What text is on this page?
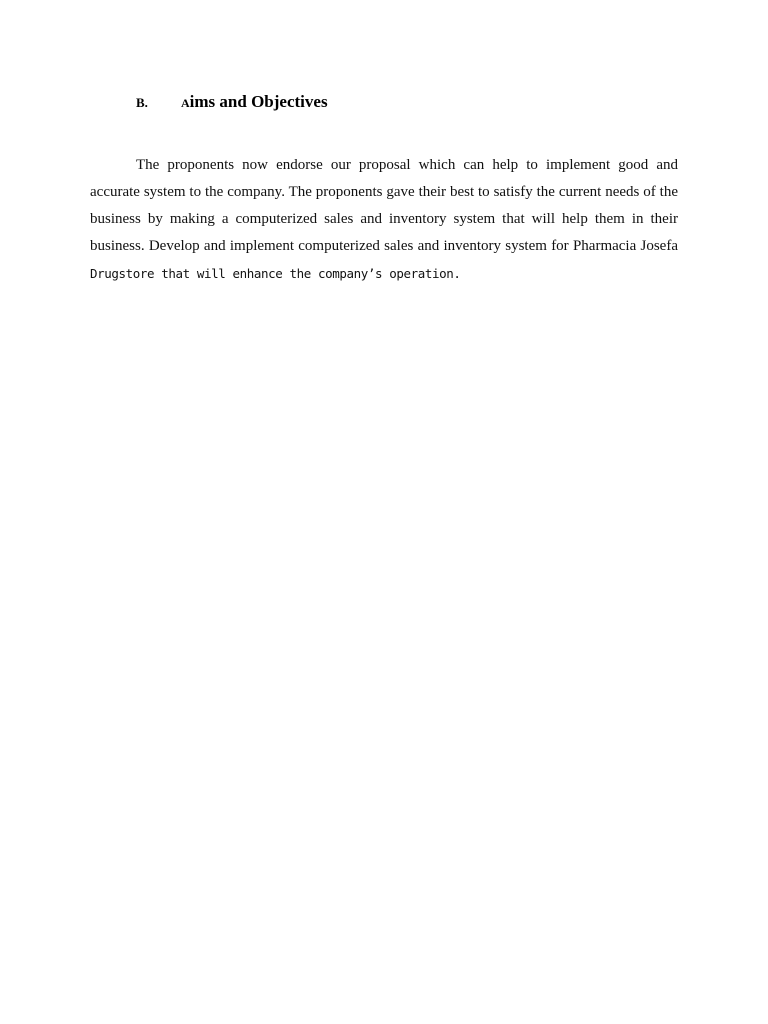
B.	Aims and Objectives

The proponents now endorse our proposal which can help to implement good and accurate system to the company. The proponents gave their best to satisfy the current needs of the business by making a computerized sales and inventory system that will help them in their business. Develop and implement computerized sales and inventory system for Pharmacia Josefa Drugstore that will enhance the company’s operation.
